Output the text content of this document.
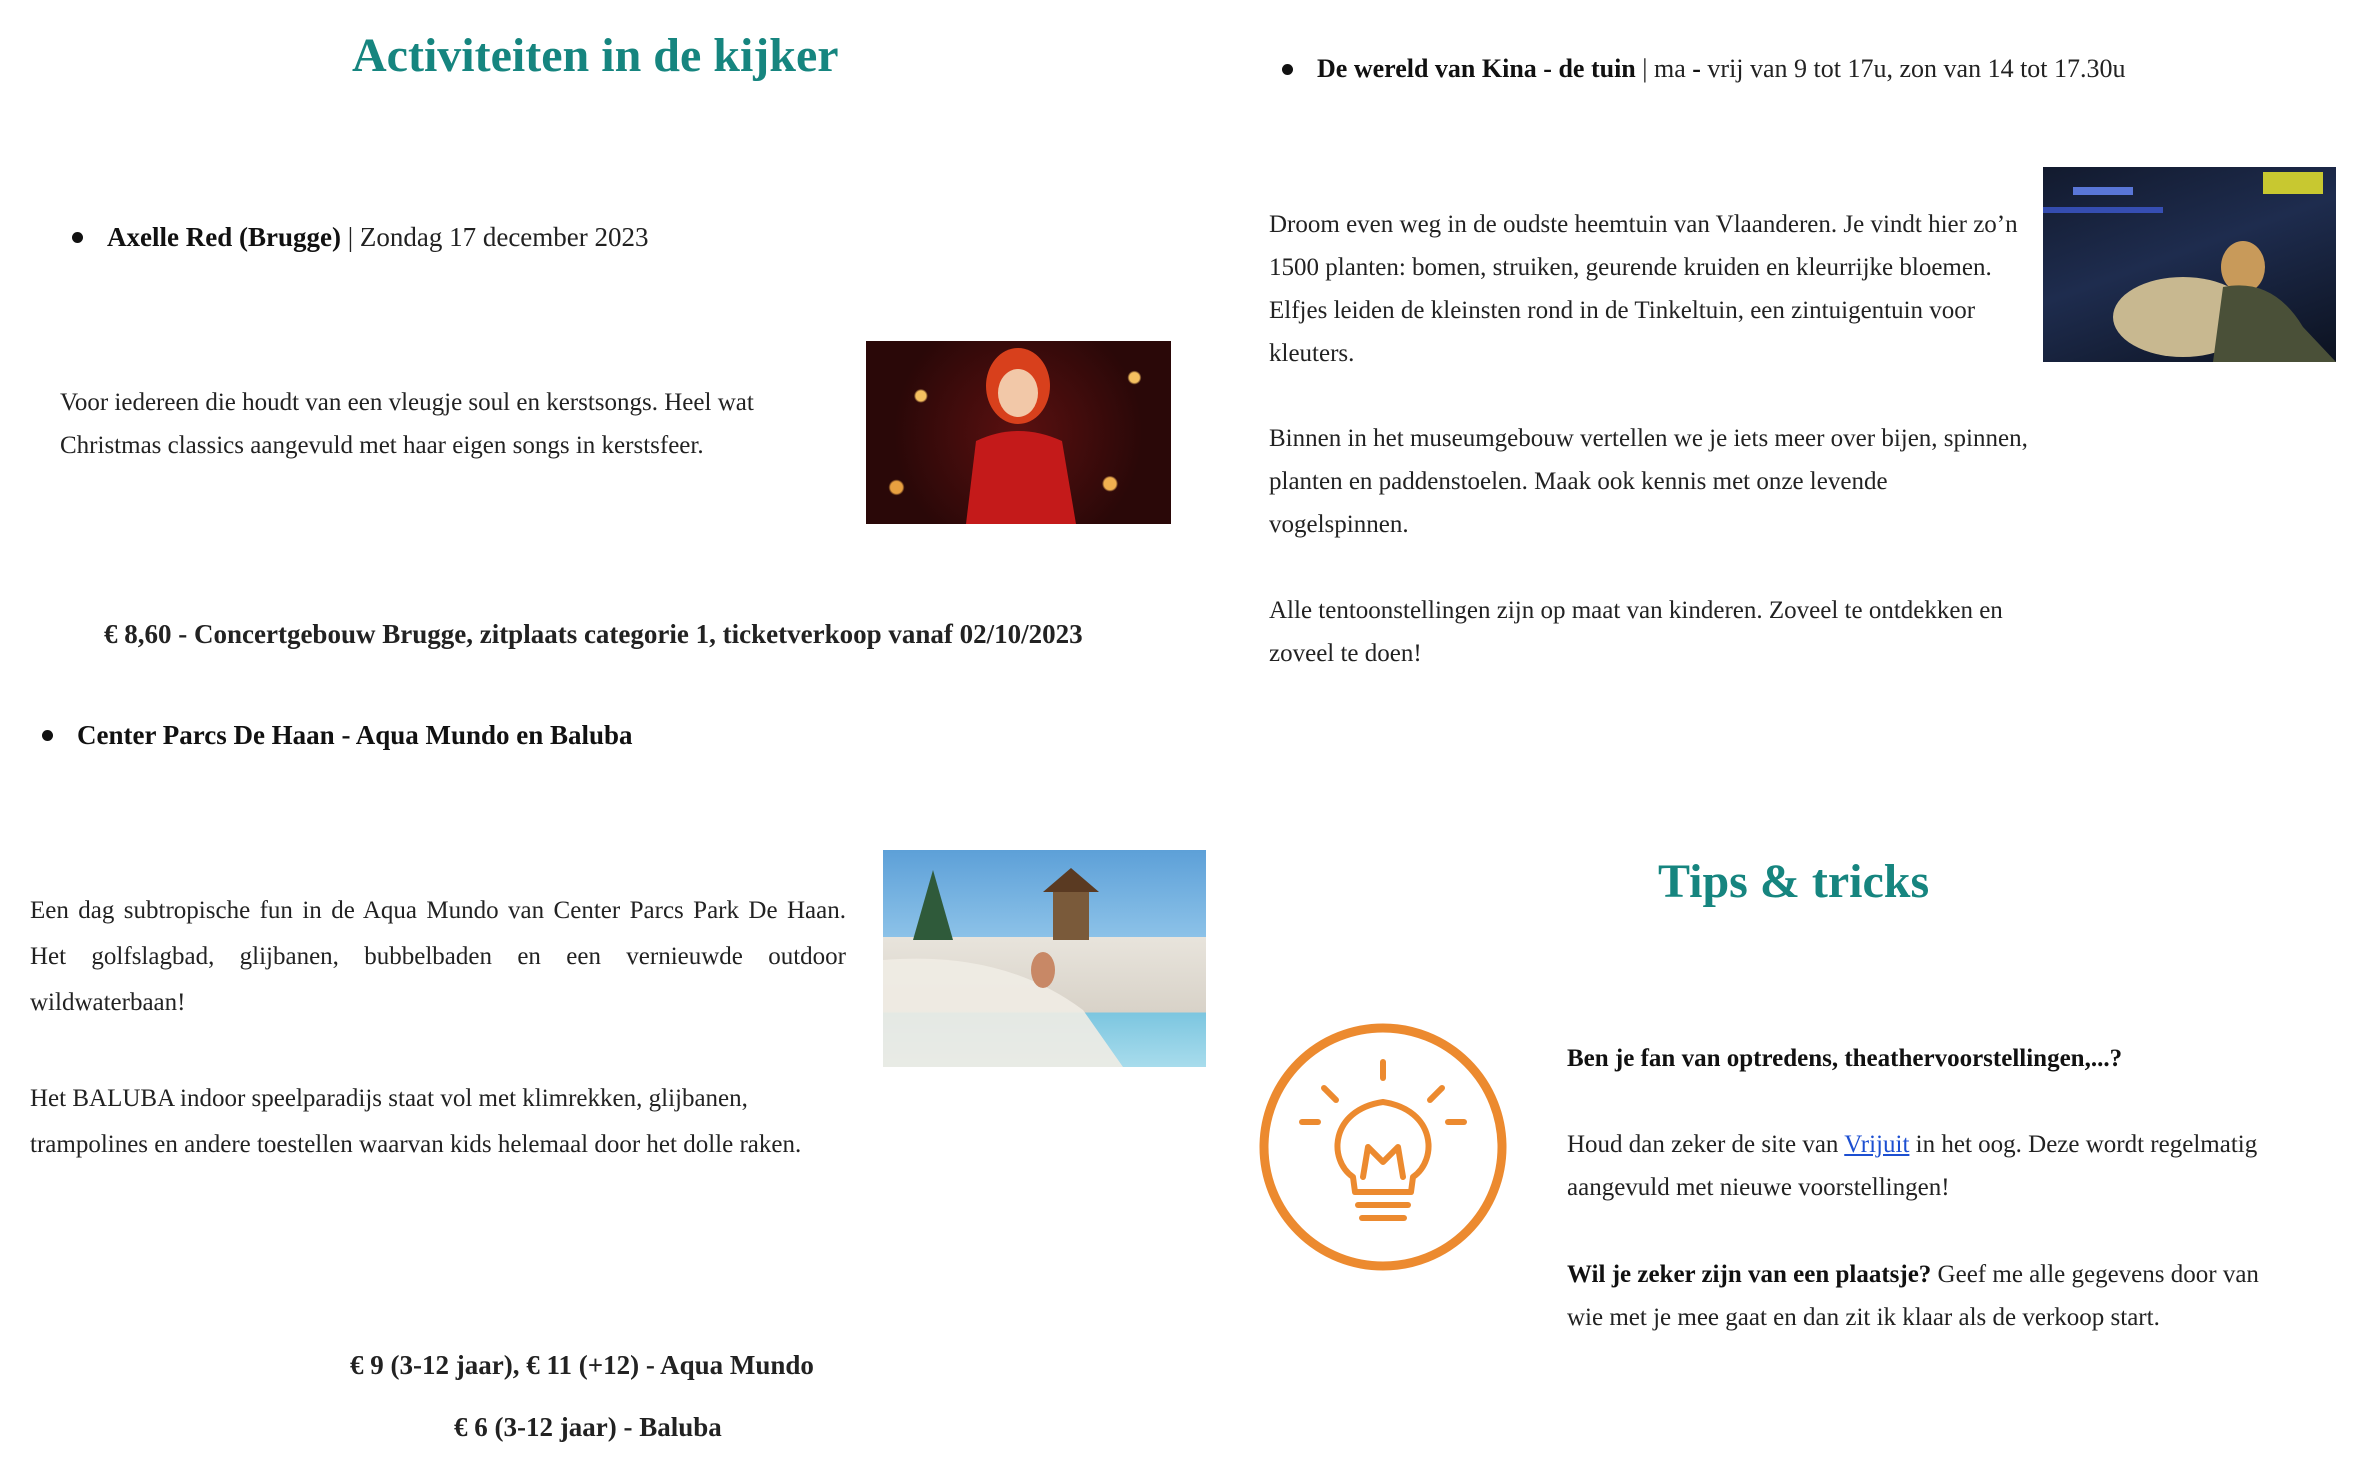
Activiteiten in de kijker
Axelle Red (Brugge) | Zondag 17 december 2023
Voor iedereen die houdt van een vleugje soul en kerstsongs. Heel wat Christmas classics aangevuld met haar eigen songs in kerstsfeer.
€ 8,60 - Concertgebouw Brugge, zitplaats categorie 1, ticketverkoop vanaf 02/10/2023
Center Parcs De Haan - Aqua Mundo en Baluba
Een dag subtropische fun in de Aqua Mundo van Center Parcs Park De Haan. Het golfslagbad, glijbanen, bubbelbaden en een vernieuwde outdoor wildwaterbaan!
Het BALUBA indoor speelparadijs staat vol met klimrekken, glijbanen, trampolines en andere toestellen waarvan kids helemaal door het dolle raken.
€ 9 (3-12 jaar), € 11 (+12) - Aqua Mundo
€ 6 (3-12 jaar) - Baluba
De wereld van Kina - de tuin | ma - vrij van 9 tot 17u, zon van 14 tot 17.30u
Droom even weg in de oudste heemtuin van Vlaanderen. Je vindt hier zo’n 1500 planten: bomen, struiken, geurende kruiden en kleurrijke bloemen. Elfjes leiden de kleinsten rond in de Tinkeltuin, een zintuigentuin voor kleuters.
Binnen in het museumgebouw vertellen we je iets meer over bijen, spinnen, planten en paddenstoelen. Maak ook kennis met onze levende vogelspinnen.
Alle tentoonstellingen zijn op maat van kinderen. Zoveel te ontdekken en zoveel te doen!
Tips & tricks
Ben je fan van optredens, theathervoorstellingen,...?
Houd dan zeker de site van Vrijuit in het oog. Deze wordt regelmatig aangevuld met nieuwe voorstellingen!
Wil je zeker zijn van een plaatsje? Geef me alle gegevens door van wie met je mee gaat en dan zit ik klaar als de verkoop start.
